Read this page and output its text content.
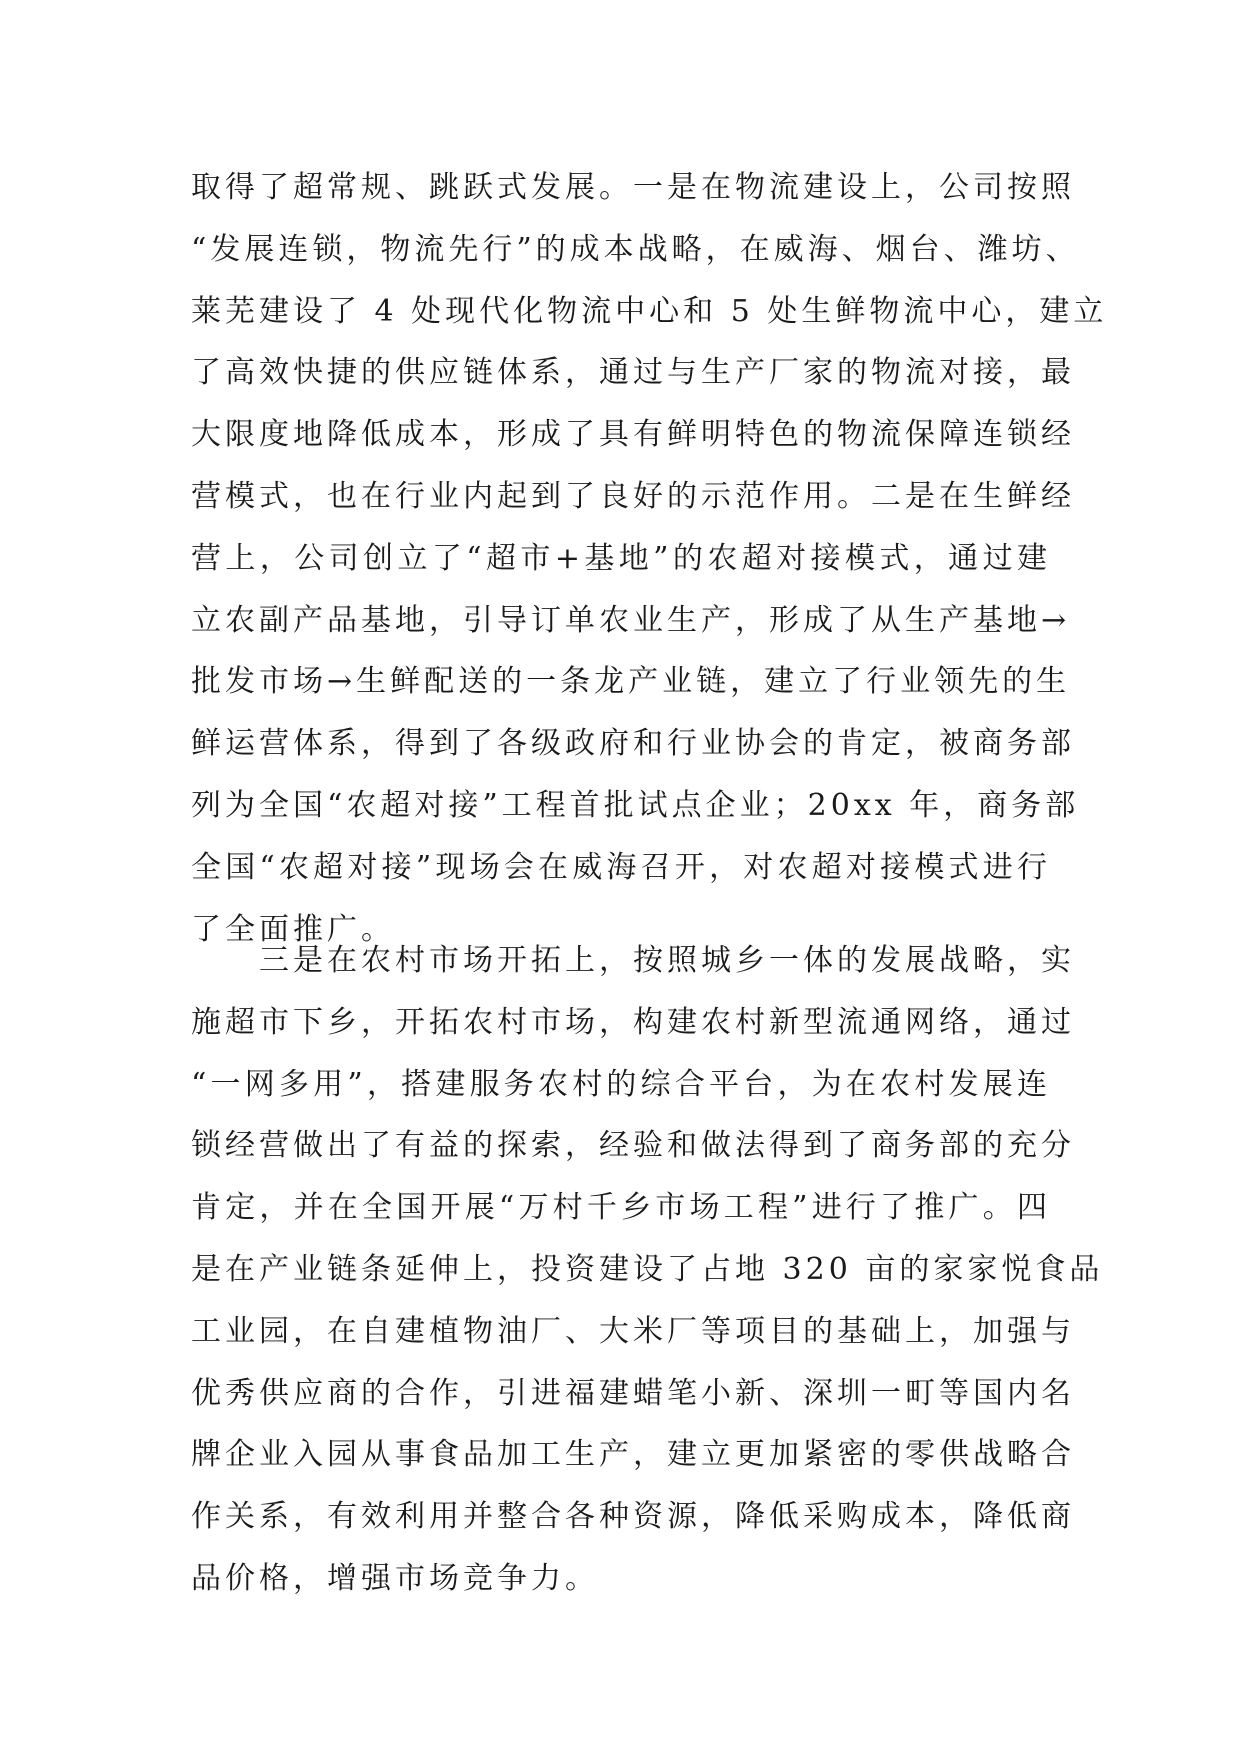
取得了超常规、跳跃式发展。一是在物流建设上，公司按照
“发展连锁，物流先行”的成本战略，在威海、烟台、潍坊、
莱芜建设了 4 处现代化物流中心和 5 处生鲜物流中心，建立
了高效快捷的供应链体系，通过与生产厂家的物流对接，最
大限度地降低成本，形成了具有鲜明特色的物流保障连锁经
营模式，也在行业内起到了良好的示范作用。二是在生鲜经
营上，公司创立了“超市+基地”的农超对接模式，通过建
立农副产品基地，引导订单农业生产，形成了从生产基地→
批发市场→生鲜配送的一条龙产业链，建立了行业领先的生
鲜运营体系，得到了各级政府和行业协会的肯定，被商务部
列为全国“农超对接”工程首批试点企业；20xx 年，商务部
全国“农超对接”现场会在威海召开，对农超对接模式进行
了全面推广。
三是在农村市场开拓上，按照城乡一体的发展战略，实
施超市下乡，开拓农村市场，构建农村新型流通网络，通过
“一网多用”，搭建服务农村的综合平台，为在农村发展连
锁经营做出了有益的探索，经验和做法得到了商务部的充分
肯定，并在全国开展“万村千乡市场工程”进行了推广。四
是在产业链条延伸上，投资建设了占地 320 亩的家家悦食品
工业园，在自建植物油厂、大米厂等项目的基础上，加强与
优秀供应商的合作，引进福建蜡笔小新、深圳一町等国内名
牌企业入园从事食品加工生产，建立更加紧密的零供战略合
作关系，有效利用并整合各种资源，降低采购成本，降低商
品价格，增强市场竞争力。
